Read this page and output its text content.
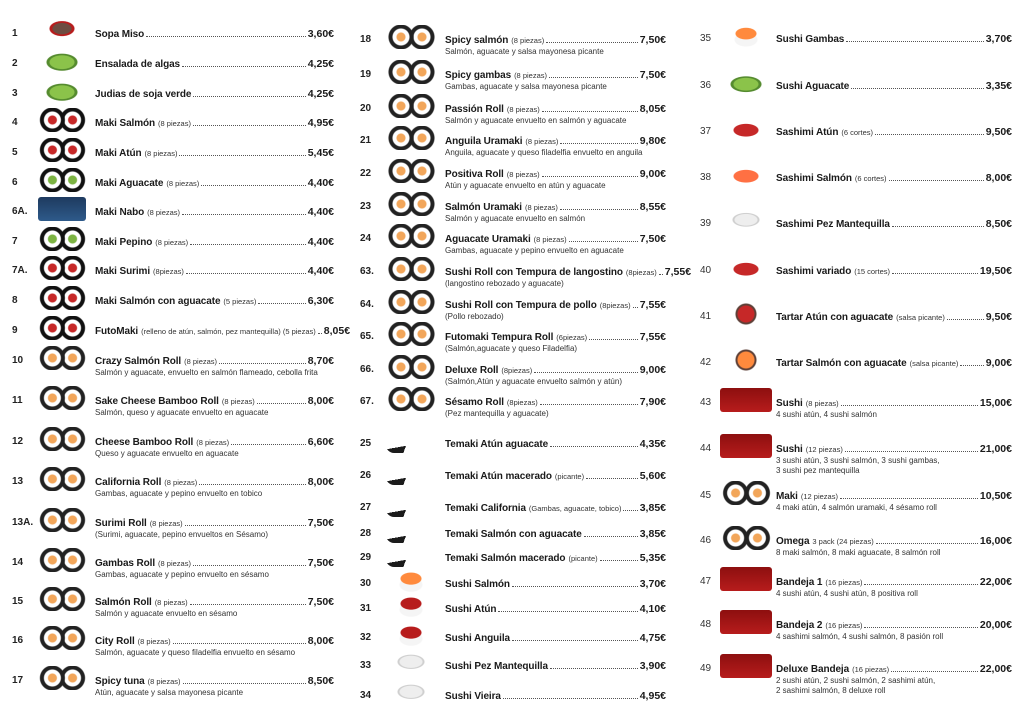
1	Sopa Miso	3,60€
2	Ensalada de algas	4,25€
3	Judias de soja verde	4,25€
4	Maki Salmón (8 piezas)	4,95€
5	Maki Atún (8 piezas)	5,45€
6	Maki Aguacate (8 piezas)	4,40€
6A.	Maki Nabo (8 piezas)	4,40€
7	Maki Pepino (8 piezas)	4,40€
7A.	Maki Surimi (8piezas)	4,40€
8	Maki Salmón con aguacate (5 piezas)	6,30€
9	FutoMaki (relleno de atún, salmón, pez mantequilla) (5 piezas) 8,05€
10	Crazy Salmón Roll (8 piezas)	8,70€
Salmón y aguacate, envuelto en salmón flameado, cebolla frita
11	Sake Cheese Bamboo Roll (8 piezas)	8,00€
Salmón, queso y aguacate envuelto en aguacate
12	Cheese Bamboo Roll (8 piezas)	6,60€
Queso y aguacate envuelto en aguacate
13	California Roll (8 piezas)	8,00€
Gambas, aguacate y pepino envuelto en tobico
13A.	Surimi Roll (8 piezas)	7,50€
(Surimi, aguacate, pepino envueltos en Sésamo)
14	Gambas Roll (8 piezas)	7,50€
Gambas, aguacate y pepino envuelto en sésamo
15	Salmón Roll (8 piezas)	7,50€
Salmón y aguacate envuelto en sésamo
16	City Roll (8 piezas)	8,00€
Salmón, aguacate y queso filadelfia envuelto en sésamo
17	Spicy tuna (8 piezas)	8,50€
Atún, aguacate y salsa mayonesa picante
18	Spicy salmón (8 piezas)	7,50€
Salmón, aguacate y salsa mayonesa picante
19	Spicy gambas (8 piezas)	7,50€
Gambas, aguacate y salsa mayonesa picante
20	Passión Roll (8 piezas)	8,05€
Salmón y aguacate envuelto en salmón y aguacate
21	Anguila Uramaki (8 piezas)	9,80€
Anguila, aguacate y queso filadelfia envuelto en anguila
22	Positiva Roll (8 piezas)	9,00€
Atún y aguacate envuelto en atún y aguacate
23	Salmón Uramaki (8 piezas)	8,55€
Salmón y aguacate envuelto en salmón
24	Aguacate Uramaki (8 piezas)	7,50€
Gambas, aguacate y pepino envuelto en aguacate
63.	Sushi Roll con Tempura de langostino (8piezas) 7,55€
(langostino rebozado y aguacate)
64.	Sushi Roll con Tempura de pollo (8piezas) 7,55€
(Pollo rebozado)
65.	Futomaki Tempura Roll (6piezas)	7,55€
(Salmón,aguacate y queso Filadelfia)
66.	Deluxe Roll (8piezas)	9,00€
(Salmón,Atún y aguacate envuelto salmón y atún)
67.	Sésamo Roll (8piezas)	7,90€
(Pez mantequilla y aguacate)
25	Temaki Atún aguacate	4,35€
26	Temaki Atún macerado (picante)	5,60€
27	Temaki California (Gambas, aguacate, tobico) 3,85€
28	Temaki Salmón con aguacate	3,85€
29	Temaki Salmón macerado (picante)	5,35€
30	Sushi Salmón	3,70€
31	Sushi Atún	4,10€
32	Sushi Anguila	4,75€
33	Sushi Pez Mantequilla	3,90€
34	Sushi Vieira	4,95€
35	Sushi Gambas	3,70€
36	Sushi Aguacate	3,35€
37	Sashimi Atún (6 cortes)	9,50€
38	Sashimi Salmón (6 cortes)	8,00€
39	Sashimi Pez Mantequilla	8,50€
40	Sashimi variado (15 cortes)	19,50€
41	Tartar Atún con aguacate (salsa picante)	9,50€
42	Tartar Salmón con aguacate (salsa picante)	9,00€
43	Sushi (8 piezas)	15,00€
4 sushi atún, 4 sushi salmón
44	Sushi (12 piezas)	21,00€
3 sushi atún, 3 sushi salmón, 3 sushi gambas,
3 sushi pez mantequilla
45	Maki (12 piezas)	10,50€
4 maki atún, 4 salmón uramaki, 4 sésamo roll
46	Omega 3 pack (24 piezas)	16,00€
8 maki salmón, 8 maki aguacate, 8 salmón roll
47	Bandeja 1 (16 piezas)	22,00€
4 sushi atún, 4 sushi atún, 8 positiva roll
48	Bandeja 2 (16 piezas)	20,00€
4 sashimi salmón, 4 sushi salmón, 8 pasión roll
49	Deluxe Bandeja (16 piezas)	22,00€
2 sushi atún, 2 sushi salmón, 2 sashimi atún,
2 sashimi salmón, 8 deluxe roll
